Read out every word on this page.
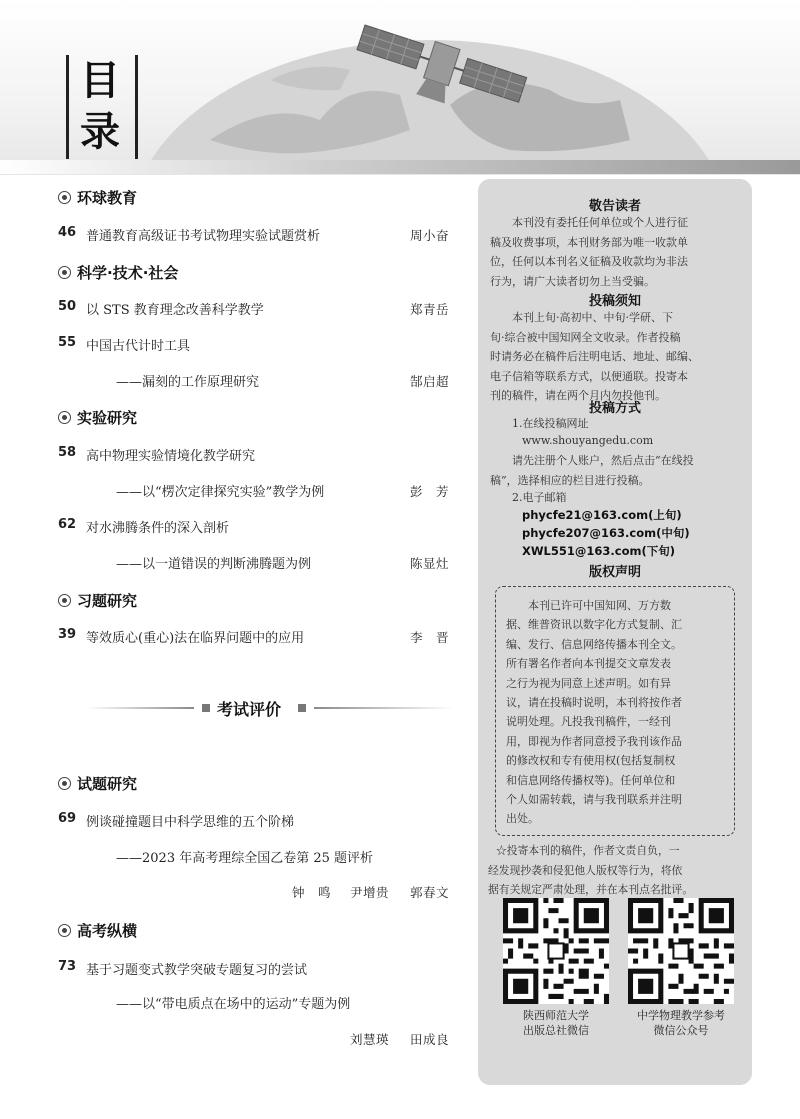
目
录
环球教育
46 普通教育高级证书考试物理实验试题赏析	周小奋
科学·技术·社会
50 以 STS 教育理念改善科学教学	郑青岳
55 中国古代计时工具
——漏刻的工作原理研究	郜启超
实验研究
58 高中物理实验情境化教学研究
——以“楞次定律探究实验”教学为例	彭　芳
62 对水沸腾条件的深入剖析
——以一道错误的判断沸腾题为例	陈显灶
习题研究
39 等效质心(重心)法在临界问题中的应用	李　晋
考试评价
试题研究
69 例谈碰撞题目中科学思维的五个阶梯
——2023 年高考理综全国乙卷第 25 题评析
钟　鸣 尹增贵 郭春文
高考纵横
73 基于习题变式教学突破专题复习的尝试
——以“带电质点在场中的运动”专题为例
刘慧瑛 田成良
敬告读者
本刊没有委托任何单位或个人进行征
稿及收费事项，本刊财务部为唯一收款单
位，任何以本刊名义征稿及收款均为非法
行为，请广大读者切勿上当受骗。
投稿须知
本刊上旬·高初中、中旬·学研、下
旬·综合被中国知网全文收录。作者投稿
时请务必在稿件后注明电话、地址、邮编、
电子信箱等联系方式，以便通联。投寄本
刊的稿件，请在两个月内勿投他刊。
投稿方式
1.在线投稿网址
www.shouyangedu.com
请先注册个人账户，然后点击“在线投
稿”，选择相应的栏目进行投稿。
2.电子邮箱
phycfe21@163.com(上旬)
phycfe207@163.com(中旬)
XWL551@163.com(下旬)
版权声明
本刊已许可中国知网、万方数
据、维普资讯以数字化方式复制、汇
编、发行、信息网络传播本刊全文。
所有署名作者向本刊提交文章发表
之行为视为同意上述声明。如有异
议，请在投稿时说明，本刊将按作者
说明处理。凡投我刊稿件，一经刊
用，即视为作者同意授予我刊该作品
的修改权和专有使用权(包括复制权
和信息网络传播权等)。任何单位和
个人如需转载，请与我刊联系并注明
出处。
☆投寄本刊的稿件，作者文责自负，一
经发现抄袭和侵犯他人版权等行为，将依
据有关规定严肃处理，并在本刊点名批评。
陕西师范大学
出版总社微信
中学物理教学参考
微信公众号
